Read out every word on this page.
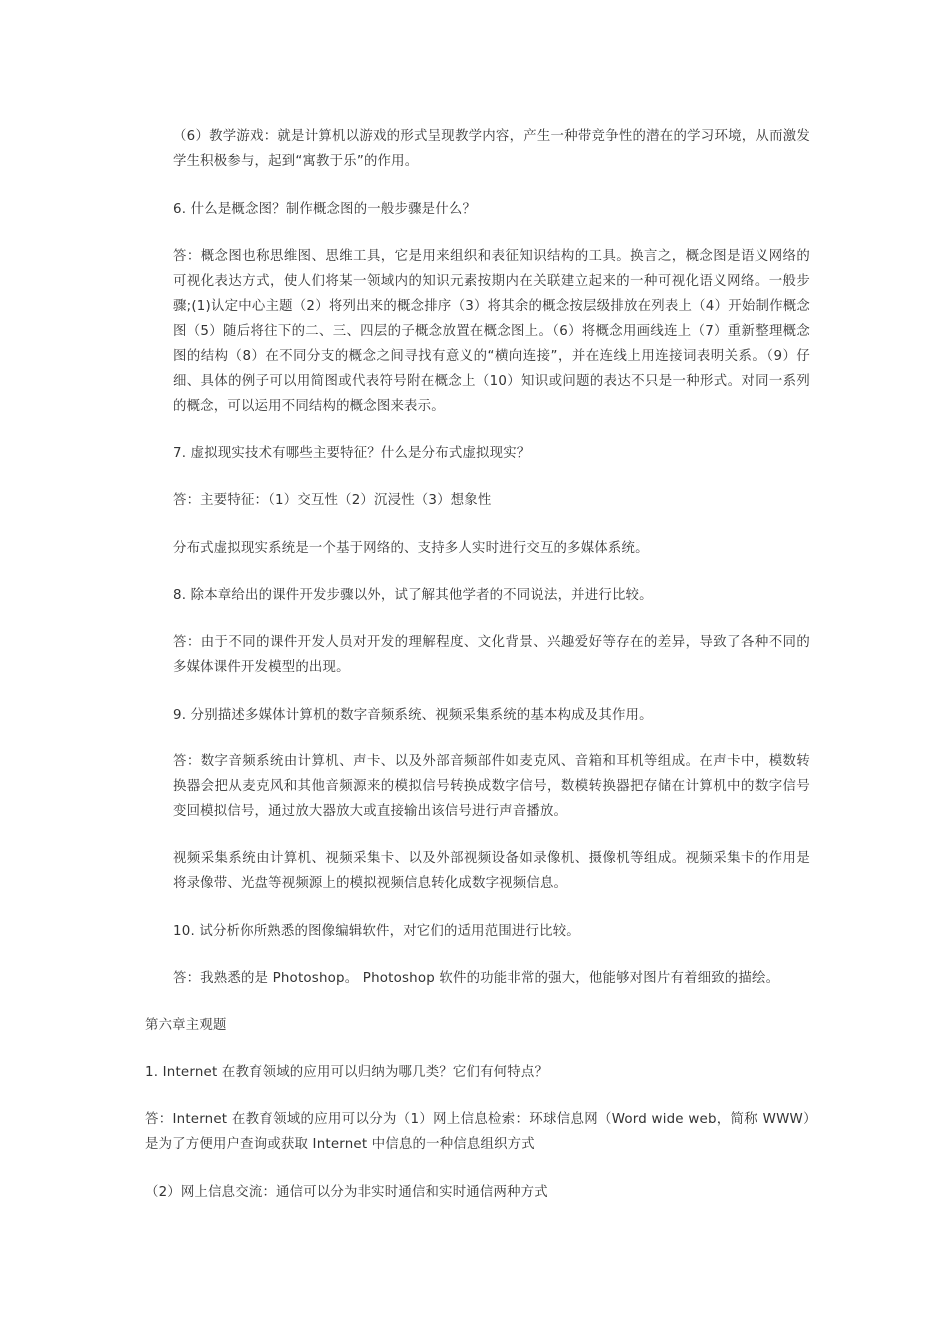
（6）教学游戏：就是计算机以游戏的形式呈现教学内容，产生一种带竞争性的潜在的学习环境，从而激发学生积极参与，起到“寓教于乐”的作用。

6. 什么是概念图？制作概念图的一般步骤是什么？

答：概念图也称思维图、思维工具，它是用来组织和表征知识结构的工具。换言之，概念图是语义网络的可视化表达方式，使人们将某一领域内的知识元素按期内在关联建立起来的一种可视化语义网络。一般步骤;(1)认定中心主题（2）将列出来的概念排序（3）将其余的概念按层级排放在列表上（4）开始制作概念图（5）随后将往下的二、三、四层的子概念放置在概念图上。（6）将概念用画线连上（7）重新整理概念图的结构（8）在不同分支的概念之间寻找有意义的“横向连接”，并在连线上用连接词表明关系。（9）仔细、具体的例子可以用简图或代表符号附在概念上（10）知识或问题的表达不只是一种形式。对同一系列的概念，可以运用不同结构的概念图来表示。

7. 虚拟现实技术有哪些主要特征？什么是分布式虚拟现实？

答：主要特征：（1）交互性（2）沉浸性（3）想象性

分布式虚拟现实系统是一个基于网络的、支持多人实时进行交互的多媒体系统。

8. 除本章给出的课件开发步骤以外，试了解其他学者的不同说法，并进行比较。

答：由于不同的课件开发人员对开发的理解程度、文化背景、兴趣爱好等存在的差异，导致了各种不同的多媒体课件开发模型的出现。

9. 分别描述多媒体计算机的数字音频系统、视频采集系统的基本构成及其作用。

答：数字音频系统由计算机、声卡、以及外部音频部件如麦克风、音箱和耳机等组成。在声卡中，模数转换器会把从麦克风和其他音频源来的模拟信号转换成数字信号，数模转换器把存储在计算机中的数字信号变回模拟信号，通过放大器放大或直接输出该信号进行声音播放。

视频采集系统由计算机、视频采集卡、以及外部视频设备如录像机、摄像机等组成。视频采集卡的作用是将录像带、光盘等视频源上的模拟视频信息转化成数字视频信息。

10. 试分析你所熟悉的图像编辑软件，对它们的适用范围进行比较。

答：我熟悉的是 Photoshop。 Photoshop 软件的功能非常的强大，他能够对图片有着细致的描绘。

第六章主观题

1. Internet 在教育领域的应用可以归纳为哪几类？它们有何特点？

答：Internet 在教育领域的应用可以分为（1）网上信息检索：环球信息网（Word wide web，简称 WWW）是为了方便用户查询或获取 Internet 中信息的一种信息组织方式

（2）网上信息交流：通信可以分为非实时通信和实时通信两种方式
